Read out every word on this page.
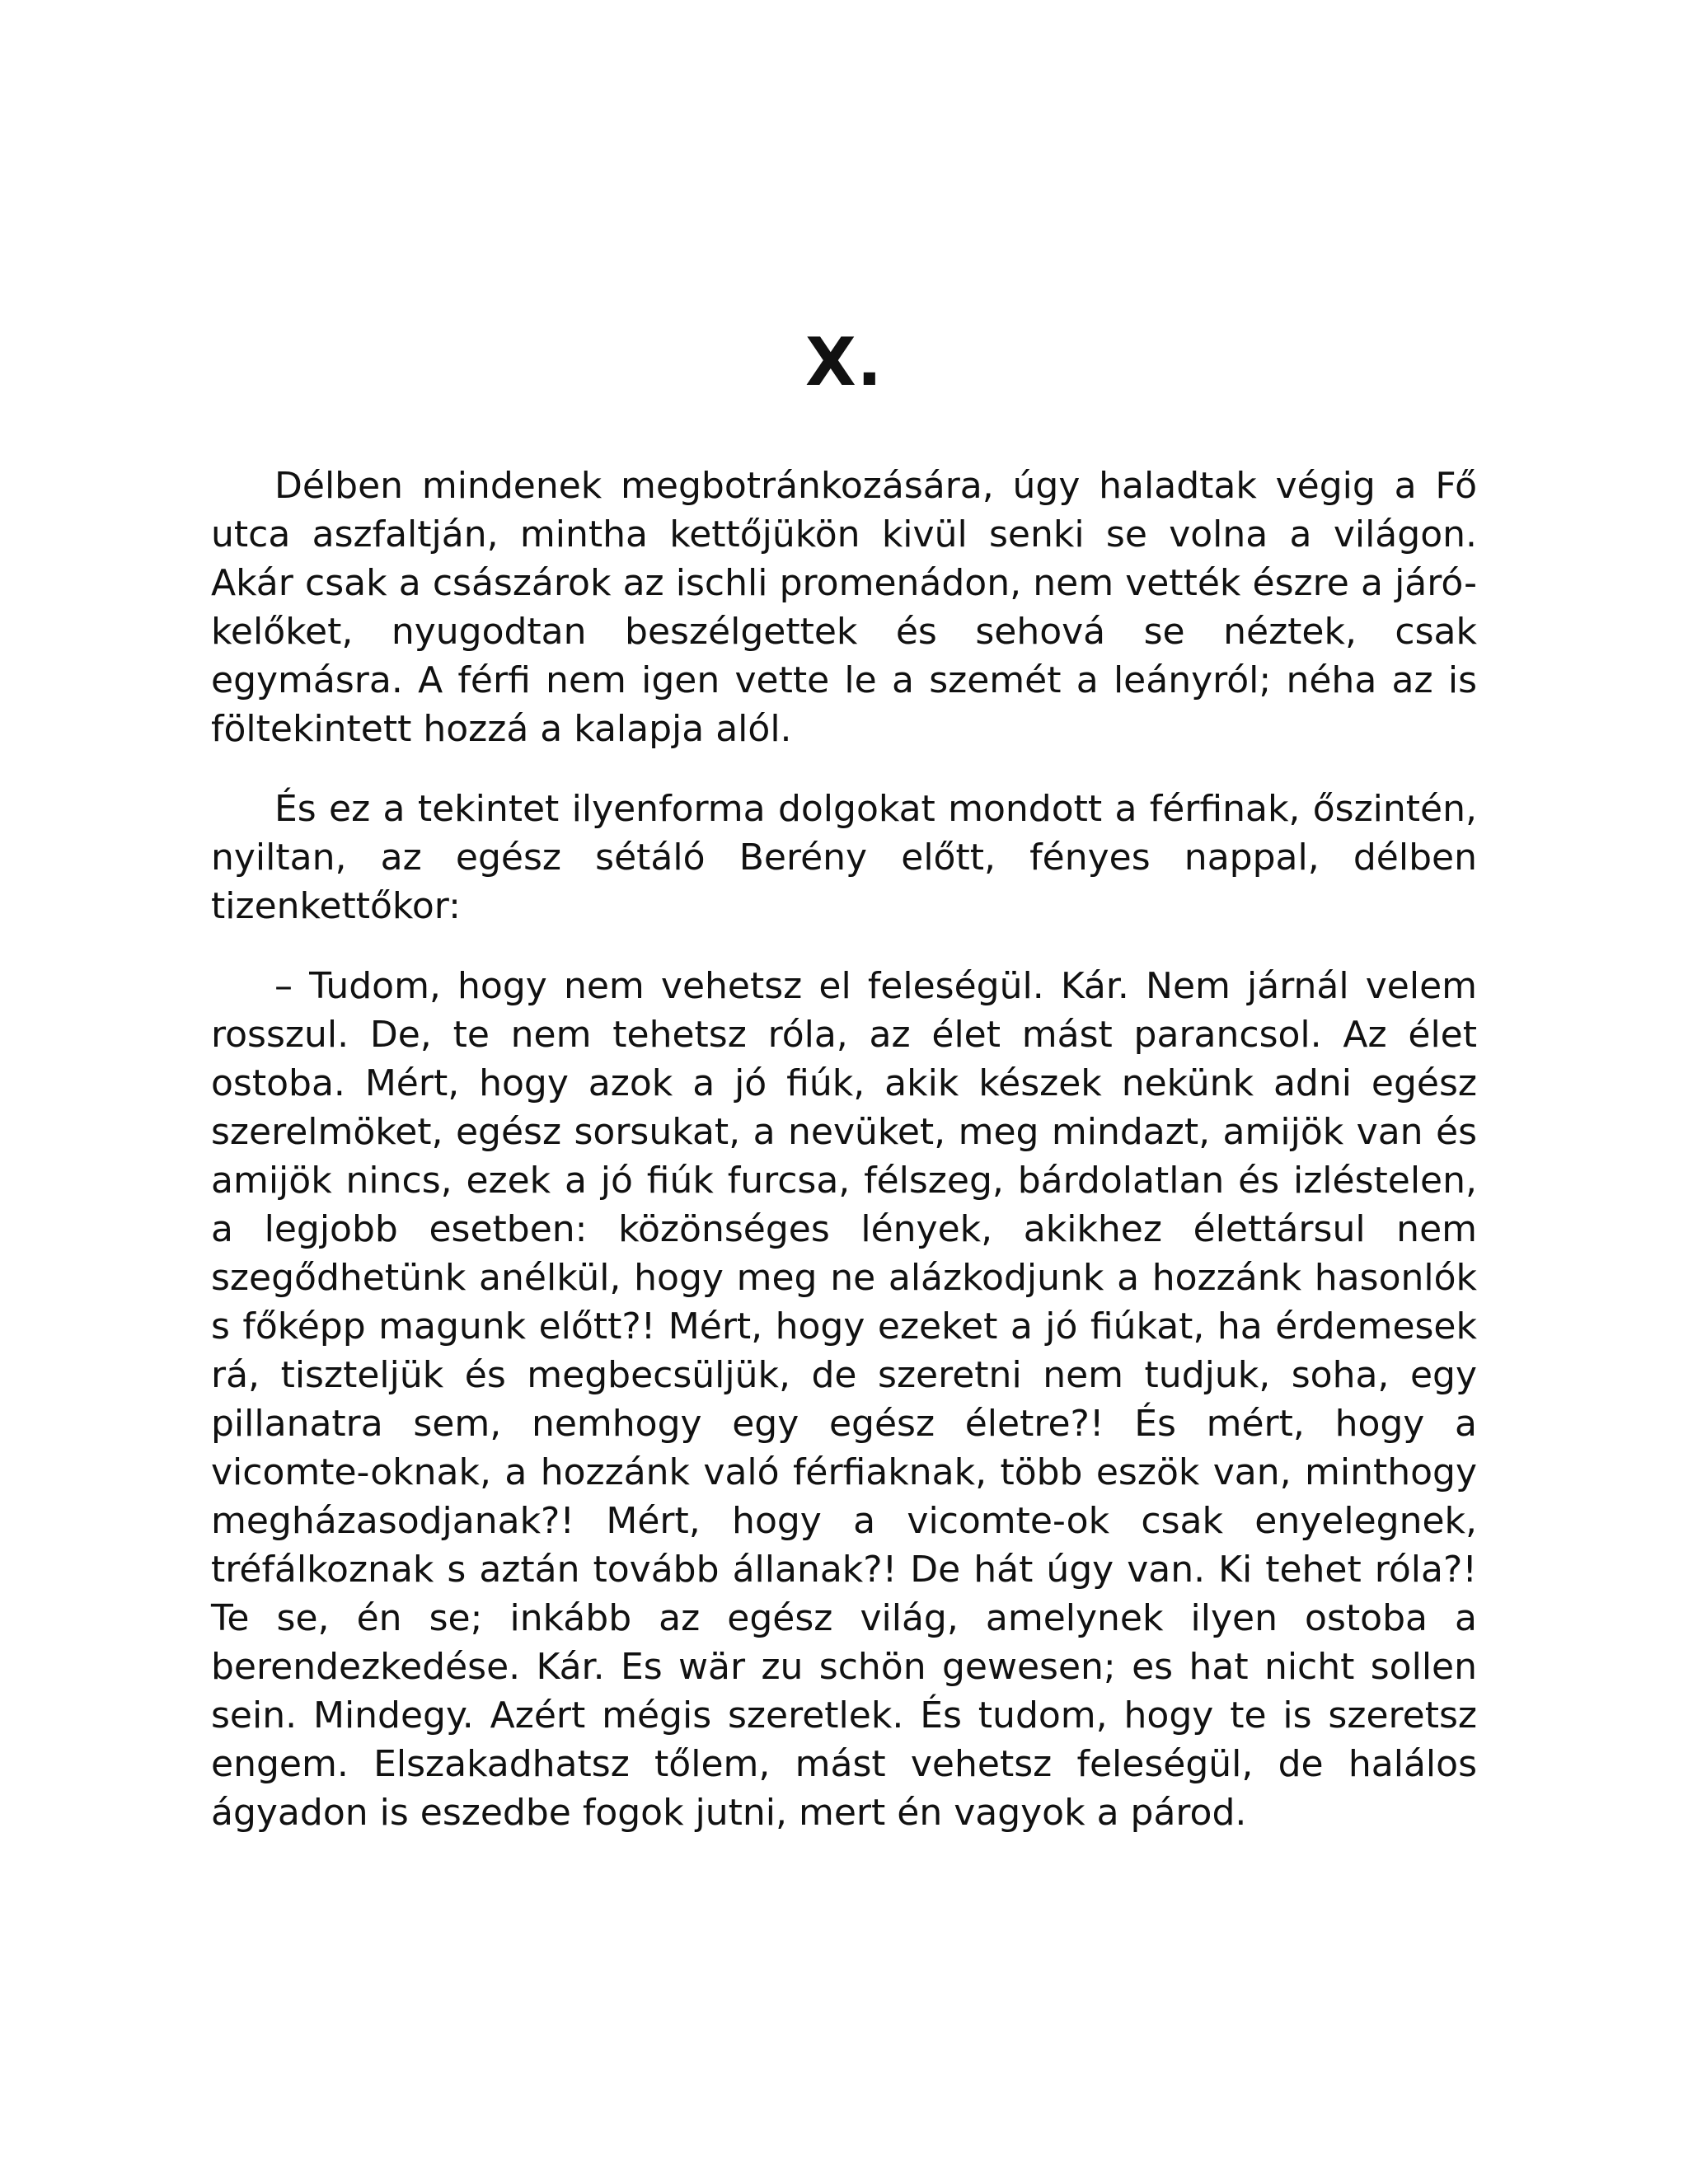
X.

Délben mindenek megbotránkozására, úgy haladtak végig a Fő utca aszfaltján, mintha kettőjükön kivül senki se volna a világon. Akár csak a császárok az ischli promenádon, nem vették észre a járó-kelőket, nyugodtan beszélgettek és sehová se néztek, csak egymásra. A férfi nem igen vette le a szemét a leányról; néha az is föltekintett hozzá a kalapja alól.

És ez a tekintet ilyenforma dolgokat mondott a férfinak, őszintén, nyiltan, az egész sétáló Berény előtt, fényes nappal, délben tizenkettőkor:

– Tudom, hogy nem vehetsz el feleségül. Kár. Nem járnál velem rosszul. De, te nem tehetsz róla, az élet mást parancsol. Az élet ostoba. Mért, hogy azok a jó fiúk, akik készek nekünk adni egész szerelmöket, egész sorsukat, a nevüket, meg mindazt, amijök van és amijök nincs, ezek a jó fiúk furcsa, félszeg, bárdolatlan és izléstelen, a legjobb esetben: közönséges lények, akikhez élettársul nem szegődhetünk anélkül, hogy meg ne alázkodjunk a hozzánk hasonlók s főképp magunk előtt?! Mért, hogy ezeket a jó fiúkat, ha érdemesek rá, tiszteljük és megbecsüljük, de szeretni nem tudjuk, soha, egy pillanatra sem, nemhogy egy egész életre?! És mért, hogy a vicomte-oknak, a hozzánk való férfiaknak, több eszök van, minthogy megházasodjanak?! Mért, hogy a vicomte-ok csak enyelegnek, tréfálkoznak s aztán tovább állanak?! De hát úgy van. Ki tehet róla?! Te se, én se; inkább az egész világ, amelynek ilyen ostoba a berendezkedése. Kár. Es wär zu schön gewesen; es hat nicht sollen sein. Mindegy. Azért mégis szeretlek. És tudom, hogy te is szeretsz engem. Elszakadhatsz tőlem, mást vehetsz feleségül, de halálos ágyadon is eszedbe fogok jutni, mert én vagyok a párod.
